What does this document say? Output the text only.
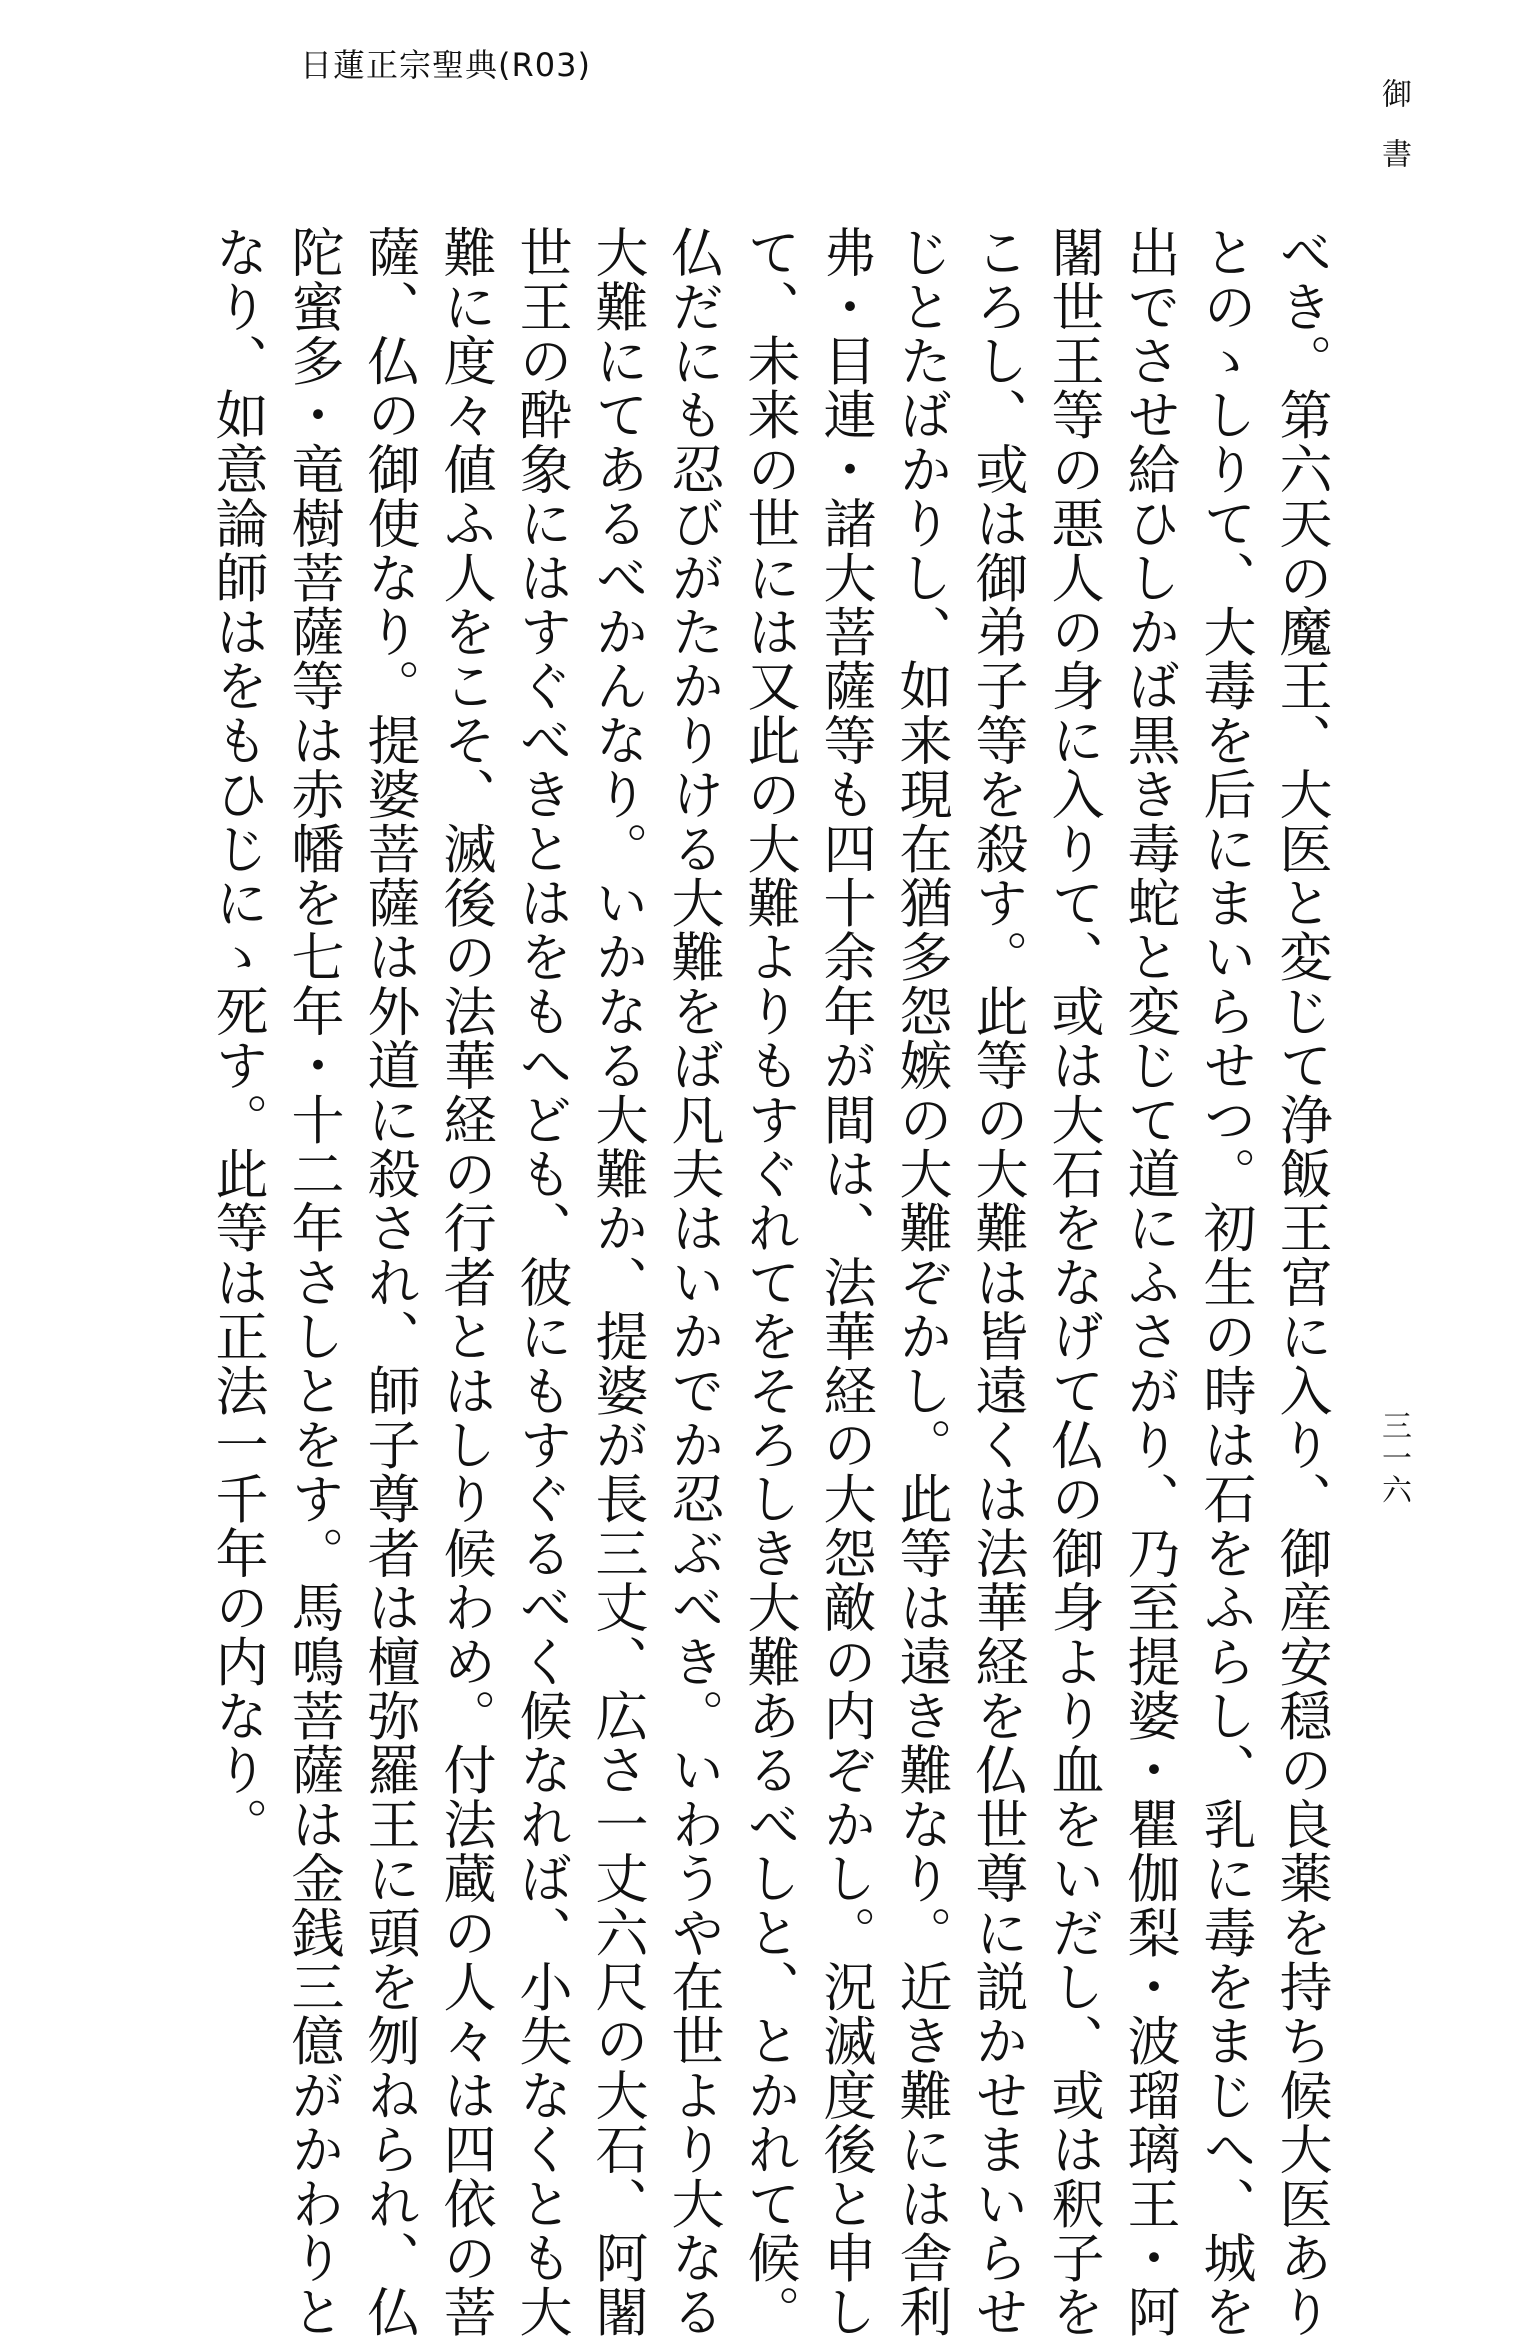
日蓮正宗聖典(R03)
御書
三一六
べき。第六天の魔王、大医と変じて浄飯王宮に入り、御産安穏の良薬を持ち候大医あり
とのゝしりて、大毒を后にまいらせつ。初生の時は石をふらし、乳に毒をまじへ、城を
出でさせ給ひしかば黒き毒蛇と変じて道にふさがり、乃至提婆・瞿伽梨・波瑠璃王・阿
闍世王等の悪人の身に入りて、或は大石をなげて仏の御身より血をいだし、或は釈子を
ころし、或は御弟子等を殺す。此等の大難は皆遠くは法華経を仏世尊に説かせまいらせ
じとたばかりし、如来現在猶多怨嫉の大難ぞかし。此等は遠き難なり。近き難には舎利
弗・目連・諸大菩薩等も四十余年が間は、法華経の大怨敵の内ぞかし。況滅度後と申し
て、未来の世には又此の大難よりもすぐれてをそろしき大難あるべしと、とかれて候。
仏だにも忍びがたかりける大難をば凡夫はいかでか忍ぶべき。いわうや在世より大なる
大難にてあるべかんなり。いかなる大難か、提婆が長三丈、広さ一丈六尺の大石、阿闍
世王の酔象にはすぐべきとはをもへども、彼にもすぐるべく候なれば、小失なくとも大
難に度々値ふ人をこそ、滅後の法華経の行者とはしり候わめ。付法蔵の人々は四依の菩
薩、仏の御使なり。提婆菩薩は外道に殺され、師子尊者は檀弥羅王に頭を刎ねられ、仏
陀蜜多・竜樹菩薩等は赤幡を七年・十二年さしとをす。馬鳴菩薩は金銭三億がかわりと
なり、如意論師はをもひじにゝ死す。此等は正法一千年の内なり。
